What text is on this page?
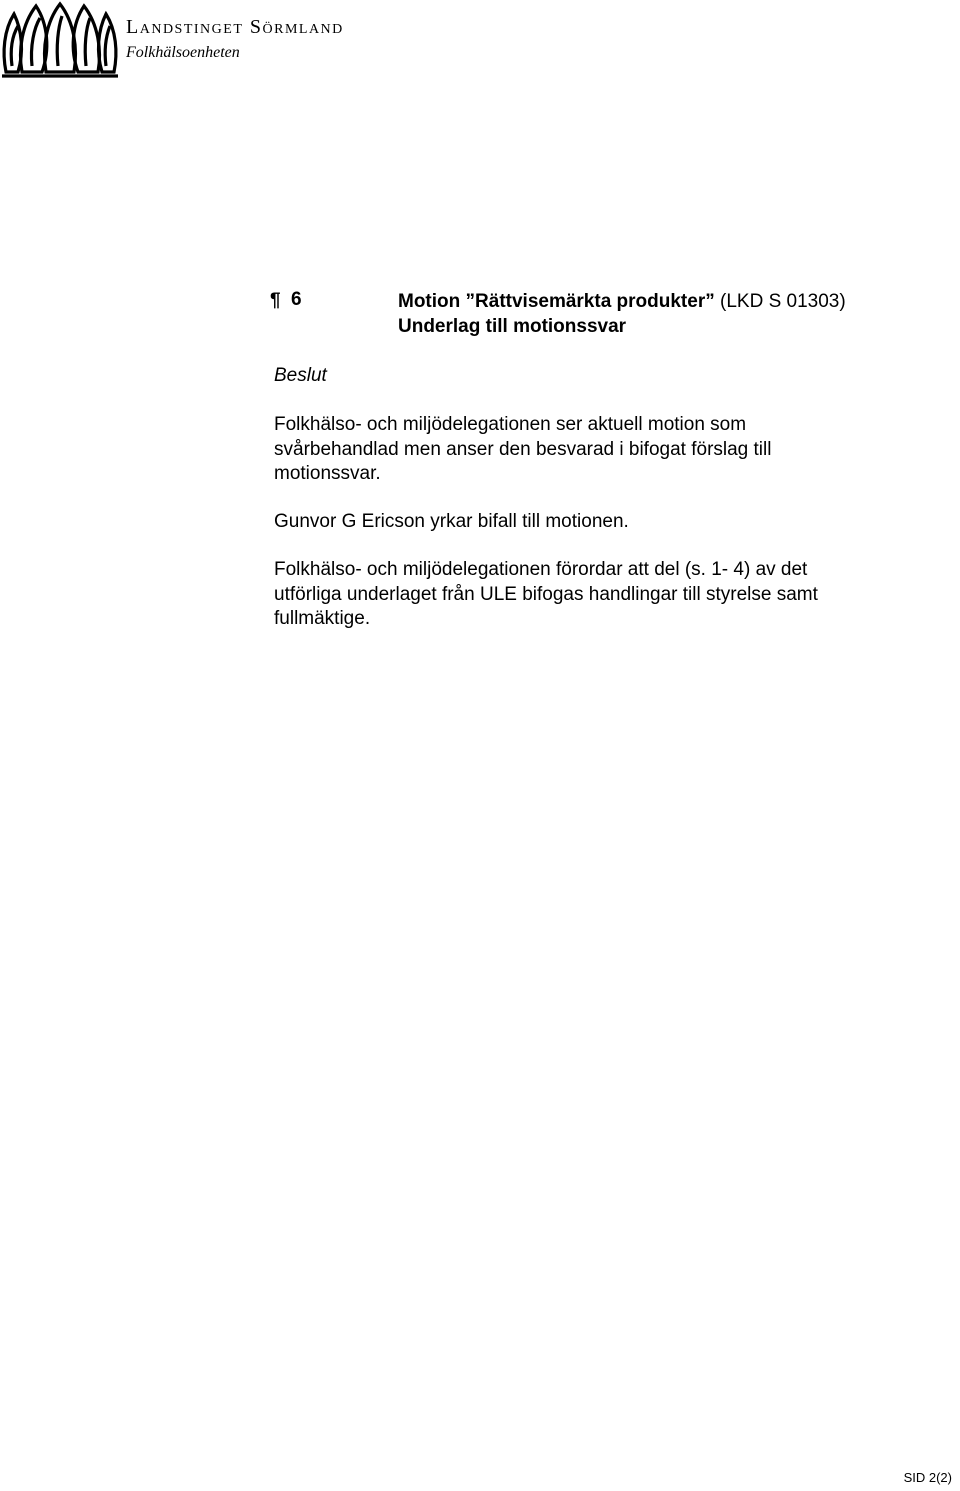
Landstinget Sörmland
Folkhälsoenheten
¶ 6	Motion ”Rättvisemärkta produkter” (LKD S 01303)
Underlag till motionssvar
Beslut

Folkhälso- och miljödelegationen ser aktuell motion som svårbehandlad men anser den besvarad i bifogat förslag till motionssvar.

Gunvor G Ericson yrkar bifall till motionen.

Folkhälso- och miljödelegationen förordar att del (s. 1- 4) av det utförliga underlaget från ULE bifogas handlingar till styrelse samt fullmäktige.

SID 2(2)
